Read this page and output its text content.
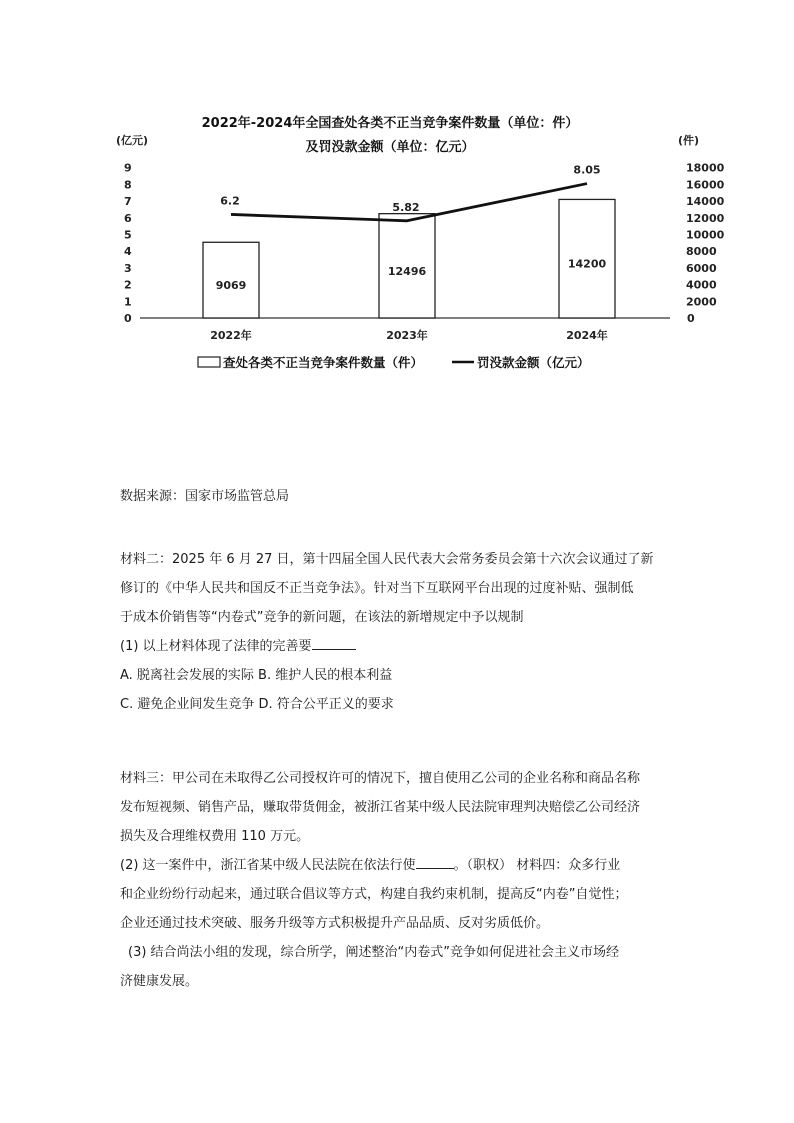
2022年-2024年全国查处各类不正当竞争案件数量（单位：件）
及罚没款金额（单位：亿元）
(亿元)	(件)
0
1
2
3
4
5
6
7
8
9
0
2000
4000
6000
8000
10000
12000
14000
16000
18000
9069
12496
14200
6.2	5.82
8.05
2022年	2023年	2024年
查处各类不正当竞争案件数量（件）	罚没款金额（亿元）

数据来源：国家市场监管总局

材料二：2025 年 6 月 27 日，第十四届全国人民代表大会常务委员会第十六次会议通过了新

修订的《中华人民共和国反不正当竞争法》。针对当下互联网平台出现的过度补贴、强制低

于成本价销售等“内卷式”竞争的新问题，在该法的新增规定中予以规制

(1) 以上材料体现了法律的完善要

A. 脱离社会发展的实际 B. 维护人民的根本利益

C. 避免企业间发生竞争 D. 符合公平正义的要求

材料三：甲公司在未取得乙公司授权许可的情况下，擅自使用乙公司的企业名称和商品名称

发布短视频、销售产品，赚取带货佣金，被浙江省某中级人民法院审理判决赔偿乙公司经济

损失及合理维权费用 110 万元。

(2) 这一案件中，浙江省某中级人民法院在依法行使	。（职权） 材料四：众多行业

和企业纷纷行动起来，通过联合倡议等方式，构建自我约束机制，提高反“内卷”自觉性；

企业还通过技术突破、服务升级等方式积极提升产品品质、反对劣质低价。

(3) 结合尚法小组的发现，综合所学，阐述整治“内卷式”竞争如何促进社会主义市场经

济健康发展。
